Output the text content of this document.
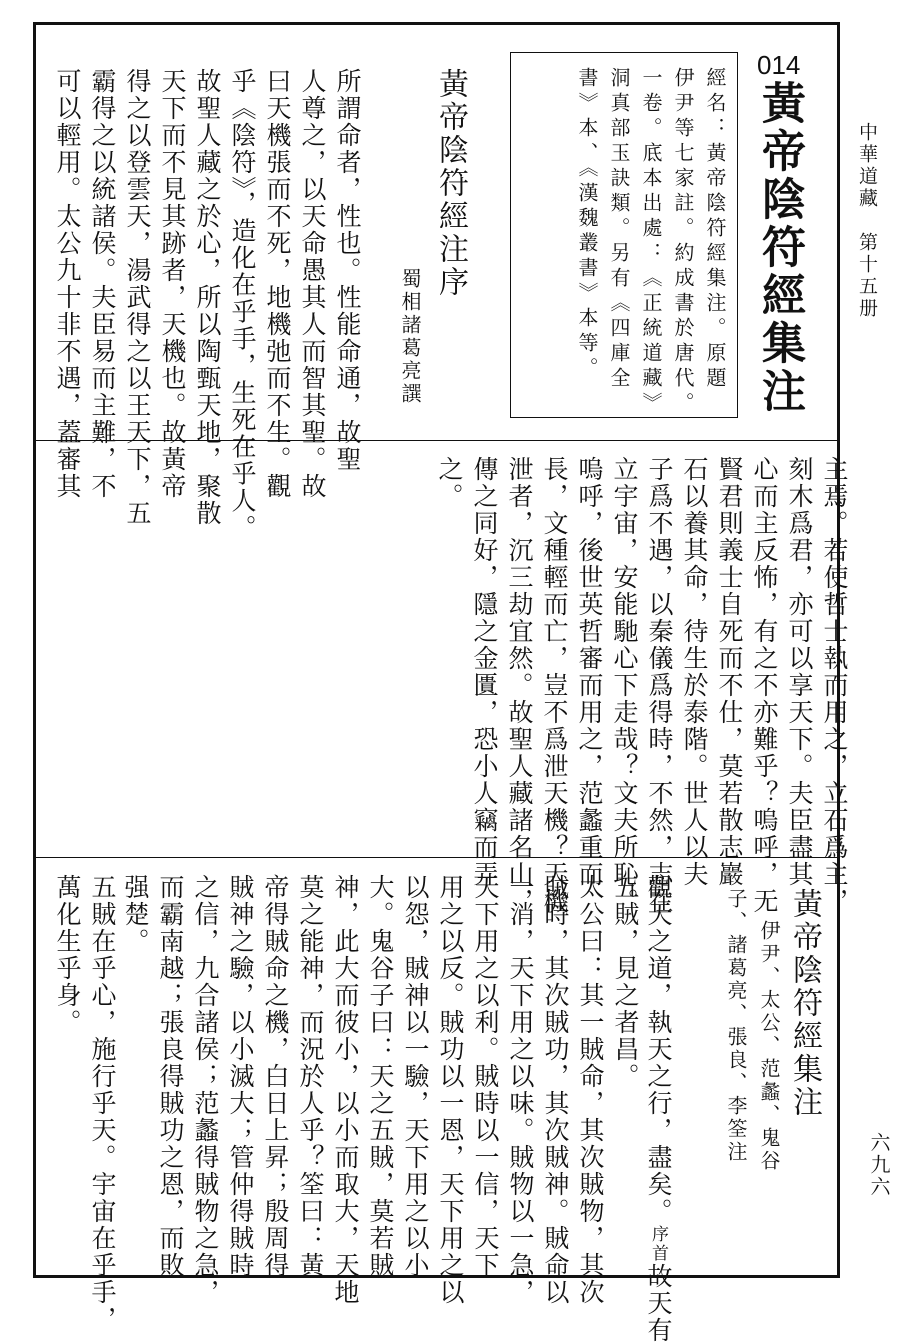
中華道藏　第十五册
六九六
014
黃帝陰符經集注
經名：黃帝陰符經集注。原題
伊尹等七家註。約成書於唐代。
一卷。底本出處：《正統道藏》
洞真部玉訣類。另有《四庫全
書》本、《漢魏叢書》本等。
黃帝陰符經注序
蜀相諸葛亮譔
所謂命者，性也。性能命通，故聖
人尊之，以天命愚其人而智其聖。故
曰天機張而不死，地機弛而不生。觀
乎《陰符》，造化在乎手，生死在乎人。
故聖人藏之於心，所以陶甄天地，聚散
天下而不見其跡者，天機也。故黃帝
得之以登雲天，湯武得之以王天下，五
霸得之以統諸侯。夫臣易而主難，不
可以輕用。太公九十非不遇，蓋審其
主焉。若使哲士執而用之，立石爲主，
刻木爲君，亦可以享天下。夫臣盡其
心而主反怖，有之不亦難乎？嗚呼，无
賢君則義士自死而不仕，莫若散志巖
石以養其命，待生於泰階。世人以夫
子爲不遇，以秦儀爲得時，不然，志在
立宇宙，安能馳心下走哉？文夫所恥。
嗚呼，後世英哲審而用之，范蠡重而
長，文種輕而亡，豈不爲泄天機？天機
泄者，沉三劫宜然。故聖人藏諸名山，
傳之同好，隱之金匱，恐小人竊而弄
之。
黃帝陰符經集注
伊尹、太公、范蠡、鬼谷
子、諸葛亮、張良、李筌注
觀天之道，執天之行，盡矣。序首故天有
五賊，見之者昌。
太公曰：其一賊命，其次賊物，其次
賊時，其次賊功，其次賊神。賊命以
一消，天下用之以味。賊物以一急，
天下用之以利。賊時以一信，天下
用之以反。賊功以一恩，天下用之以
以怨，賊神以一驗，天下用之以小
大。鬼谷子曰：天之五賊，莫若賊
神，此大而彼小，以小而取大，天地
莫之能神，而況於人乎？筌曰：黃
帝得賊命之機，白日上昇；殷周得
賊神之驗，以小滅大；管仲得賊時
之信，九合諸侯；范蠡得賊物之急，
而霸南越；張良得賊功之恩，而敗
强楚。
五賊在乎心，施行乎天。宇宙在乎手，
萬化生乎身。
